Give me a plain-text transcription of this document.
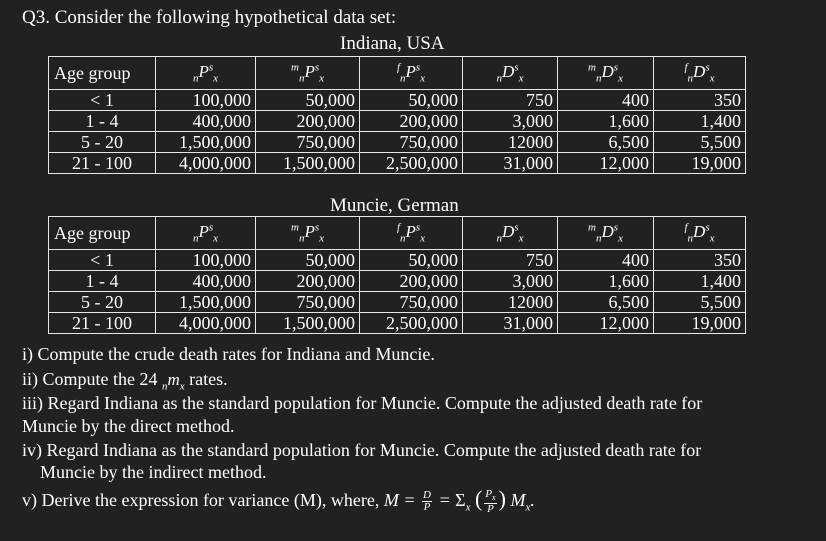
Q3. Consider the following hypothetical data set:
Indiana, USA
Age group	$_nP^s_x$	$^m_nP^s_x$	$^f_nP^s_x$	$_nD^s_x$	$^m_nD^s_x$	$^f_nD^s_x$
< 1	100,000	50,000	50,000	750	400	350
1 - 4	400,000	200,000	200,000	3,000	1,600	1,400
5 - 20	1,500,000	750,000	750,000	12000	6,500	5,500
21 - 100	4,000,000	1,500,000	2,500,000	31,000	12,000	19,000
Muncie, German
Age group	$_nP^s_x$	$^m_nP^s_x$	$^f_nP^s_x$	$_nD^s_x$	$^m_nD^s_x$	$^f_nD^s_x$
< 1	100,000	50,000	50,000	750	400	350
1 - 4	400,000	200,000	200,000	3,000	1,600	1,400
5 - 20	1,500,000	750,000	750,000	12000	6,500	5,500
21 - 100	4,000,000	1,500,000	2,500,000	31,000	12,000	19,000
i) Compute the crude death rates for Indiana and Muncie.
ii) Compute the 24 $_nm_x$ rates.
iii) Regard Indiana as the standard population for Muncie. Compute the adjusted death rate for
Muncie by the direct method.
iv) Regard Indiana as the standard population for Muncie. Compute the adjusted death rate for
Muncie by the indirect method.
v) Derive the expression for variance (M), where, $M = \frac{D}{P} = \Sigma_x$ ( $\frac{P_x}{P}$ ) $M_x$.
